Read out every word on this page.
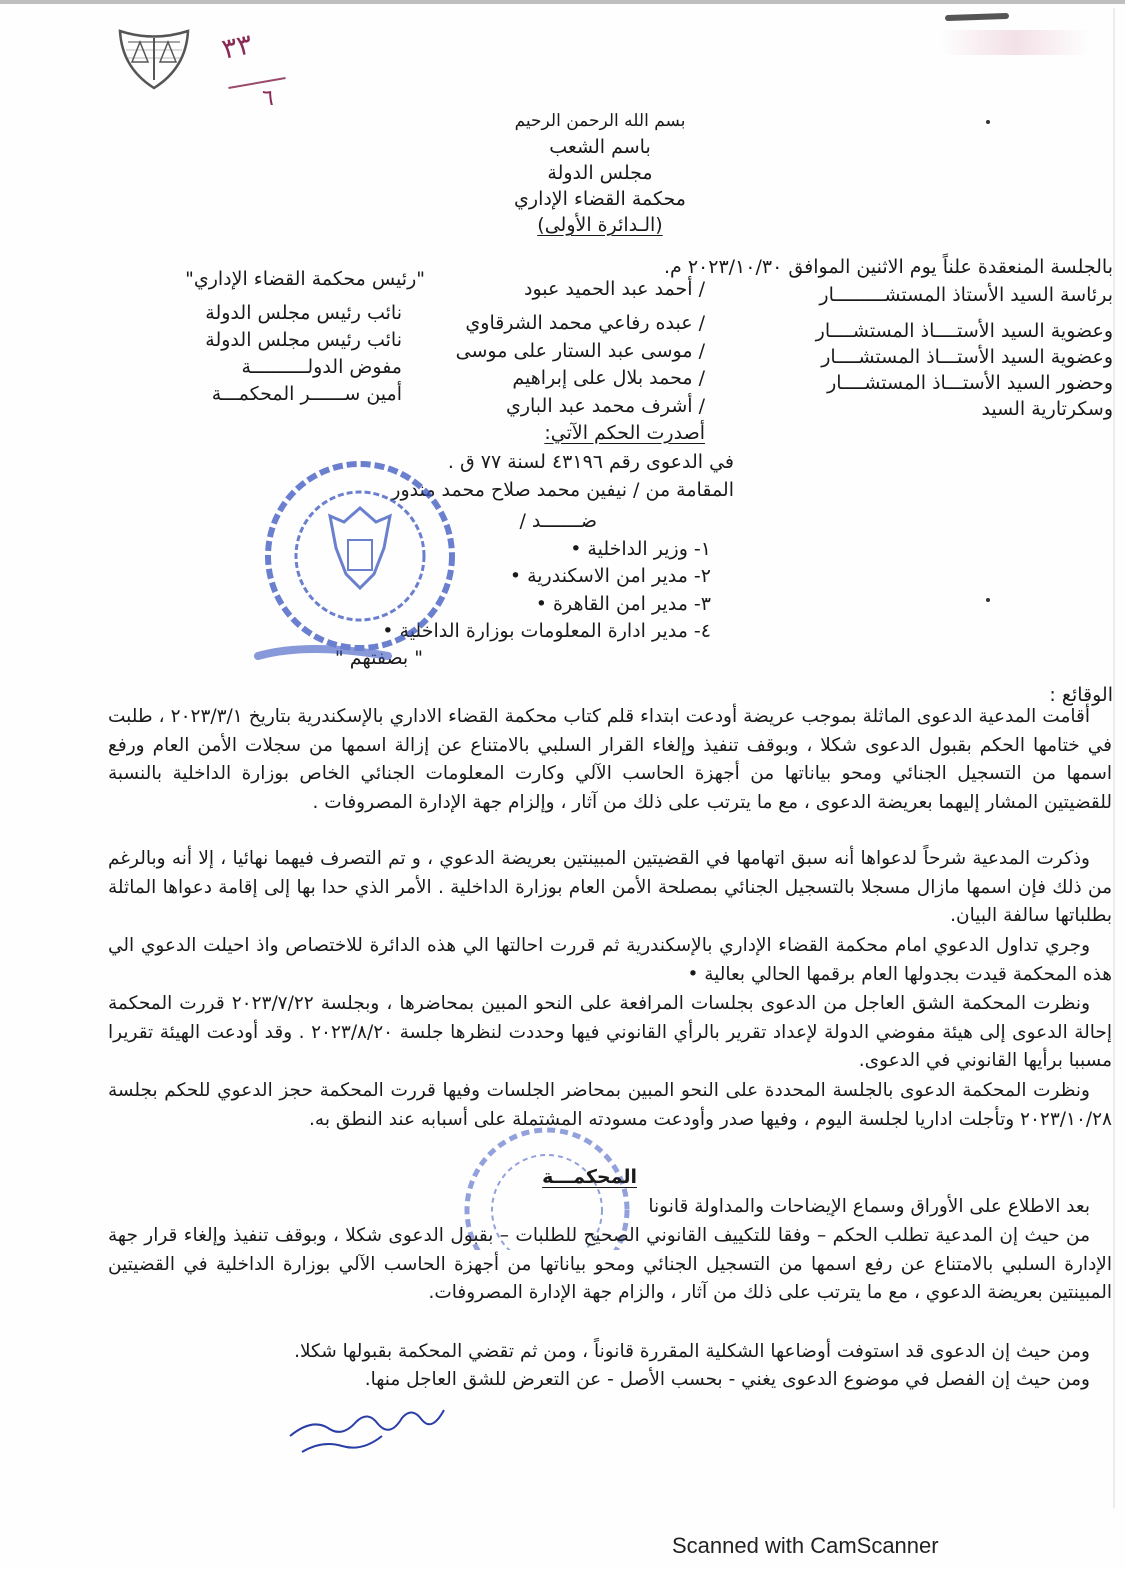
٣٣
٦
بسم الله الرحمن الرحيم
باسم الشعب
مجلس الدولة
محكمة القضاء الإداري
(الـدائرة الأولى)
بالجلسة المنعقدة علناً يوم الاثنين الموافق ٢٠٢٣/١٠/٣٠ م.
برئاسة السيد الأستاذ المستشـــــــــار
/ أحمد عبد الحميد عبود
"رئيس محكمة القضاء الإداري"
وعضوية السيد الأستــــاذ المستشــــار
/ عبده رفاعي محمد الشرقاوي
نائب رئيس مجلس الدولة
وعضوية السيد الأستـــاذ المستشــــار
/ موسى عبد الستار على موسى
نائب رئيس مجلس الدولة
وحضور السيد الأستـــاذ المستشــــار
/ محمد بلال على إبراهيم
مفوض الدولــــــــــة
وسكرتارية السيد
/ أشرف محمد عبد الباري
أمين ســــــر المحكمـــة
أصدرت الحكم الآتي:
في الدعوى رقم ٤٣١٩٦ لسنة ٧٧ ق .
المقامة من / نيفين محمد صلاح محمد مندور
ضـــــــد /
١- وزير الداخلية •
٢- مدير امن الاسكندرية •
٣- مدير امن القاهرة •
٤- مدير ادارة المعلومات بوزارة الداخلية •
" بصفتهم "
الوقائع :
أقامت المدعية الدعوى الماثلة بموجب عريضة أودعت ابتداء قلم كتاب محكمة القضاء الاداري بالإسكندرية بتاريخ ٢٠٢٣/٣/١ ، طلبت في ختامها الحكم بقبول الدعوى شكلا ، وبوقف تنفيذ وإلغاء القرار السلبي بالامتناع عن إزالة اسمها من سجلات الأمن العام ورفع اسمها من التسجيل الجنائي ومحو بياناتها من أجهزة الحاسب الآلي وكارت المعلومات الجنائي الخاص بوزارة الداخلية بالنسبة للقضيتين المشار إليهما بعريضة الدعوى ، مع ما يترتب على ذلك من آثار ، وإلزام جهة الإدارة المصروفات .
وذكرت المدعية شرحاً لدعواها أنه سبق اتهامها في القضيتين المبينتين بعريضة الدعوي ، و تم التصرف فيهما نهائيا ، إلا أنه وبالرغم من ذلك فإن اسمها مازال مسجلا بالتسجيل الجنائي بمصلحة الأمن العام بوزارة الداخلية . الأمر الذي حدا بها إلى إقامة دعواها الماثلة بطلباتها سالفة البيان.
وجري تداول الدعوي امام محكمة القضاء الإداري بالإسكندرية ثم قررت احالتها الي هذه الدائرة للاختصاص واذ احيلت الدعوي الي هذه المحكمة قيدت بجدولها العام برقمها الحالي بعالية •
ونظرت المحكمة الشق العاجل من الدعوى بجلسات المرافعة على النحو المبين بمحاضرها ، وبجلسة ٢٠٢٣/٧/٢٢ قررت المحكمة إحالة الدعوى إلى هيئة مفوضي الدولة لإعداد تقرير بالرأي القانوني فيها وحددت لنظرها جلسة ٢٠٢٣/٨/٢٠ . وقد أودعت الهيئة تقريرا مسببا برأيها القانوني في الدعوى.
ونظرت المحكمة الدعوى بالجلسة المحددة على النحو المبين بمحاضر الجلسات وفيها قررت المحكمة حجز الدعوي للحكم بجلسة ٢٠٢٣/١٠/٢٨ وتأجلت اداريا لجلسة اليوم ، وفيها صدر وأودعت مسودته المشتملة على أسبابه عند النطق به.
المحكمـــة
بعد الاطلاع على الأوراق وسماع الإيضاحات والمداولة قانونا
من حيث إن المدعية تطلب الحكم – وفقا للتكييف القانوني الصحيح للطلبات – بقبول الدعوى شكلا ، وبوقف تنفيذ وإلغاء قرار جهة الإدارة السلبي بالامتناع عن رفع اسمها من التسجيل الجنائي ومحو بياناتها من أجهزة الحاسب الآلي بوزارة الداخلية في القضيتين المبينتين بعريضة الدعوي ، مع ما يترتب على ذلك من آثار ، والزام جهة الإدارة المصروفات.
ومن حيث إن الدعوى قد استوفت أوضاعها الشكلية المقررة قانوناً ، ومن ثم تقضي المحكمة بقبولها شكلا.
ومن حيث إن الفصل في موضوع الدعوى يغني - بحسب الأصل - عن التعرض للشق العاجل منها.
Scanned with CamScanner
